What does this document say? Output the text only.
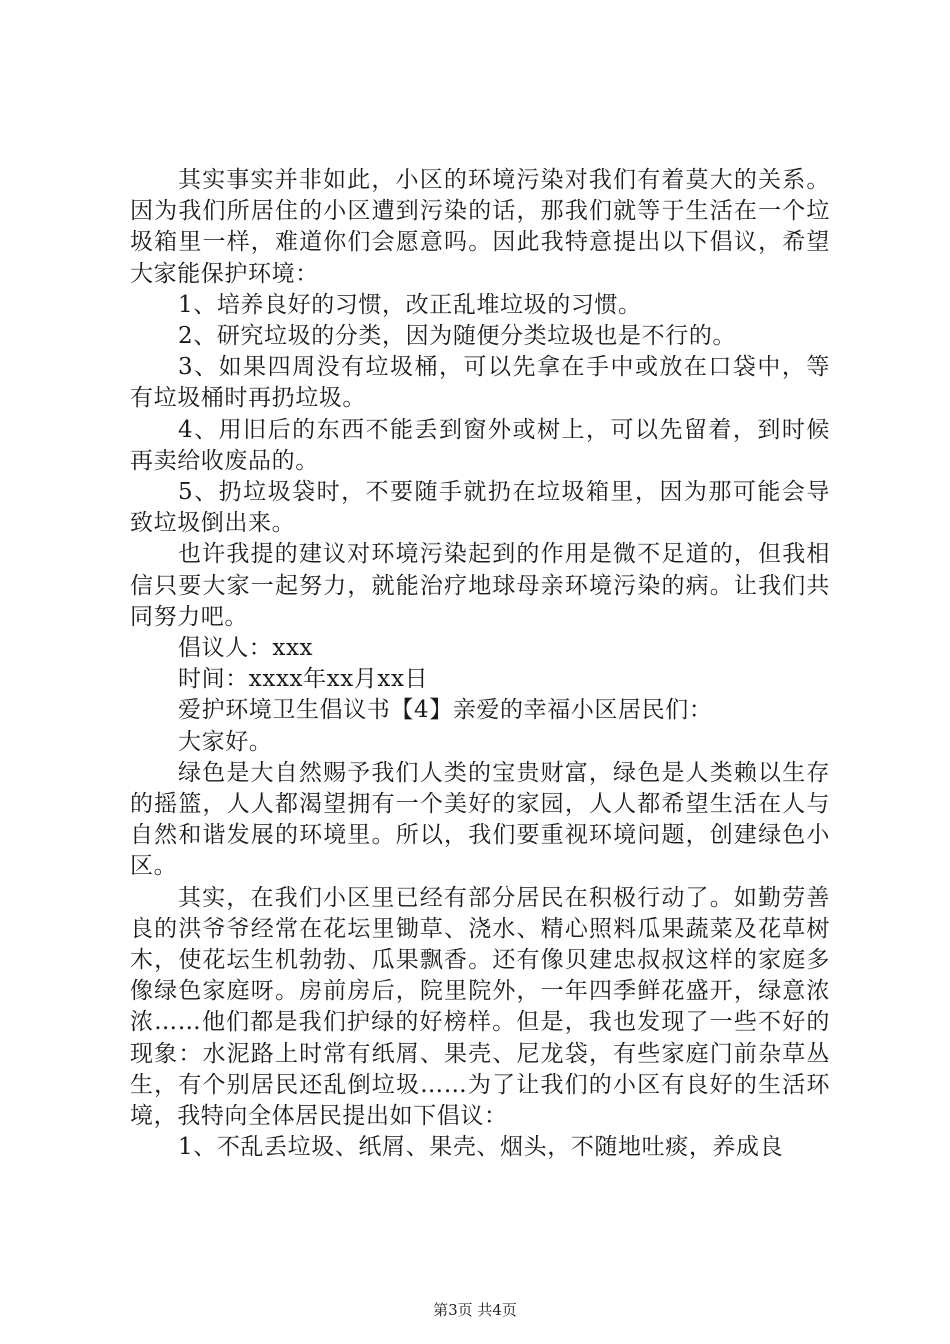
其实事实并非如此，小区的环境污染对我们有着莫大的关系。因为我们所居住的小区遭到污染的话，那我们就等于生活在一个垃圾箱里一样，难道你们会愿意吗。因此我特意提出以下倡议，希望大家能保护环境：

1、培养良好的习惯，改正乱堆垃圾的习惯。

2、研究垃圾的分类，因为随便分类垃圾也是不行的。

3、如果四周没有垃圾桶，可以先拿在手中或放在口袋中，等有垃圾桶时再扔垃圾。

4、用旧后的东西不能丢到窗外或树上，可以先留着，到时候再卖给收废品的。

5、扔垃圾袋时，不要随手就扔在垃圾箱里，因为那可能会导致垃圾倒出来。

也许我提的建议对环境污染起到的作用是微不足道的，但我相信只要大家一起努力，就能治疗地球母亲环境污染的病。让我们共同努力吧。

倡议人：xxx

时间：xxxx年xx月xx日

爱护环境卫生倡议书【4】亲爱的幸福小区居民们：

大家好。

绿色是大自然赐予我们人类的宝贵财富，绿色是人类赖以生存的摇篮，人人都渴望拥有一个美好的家园，人人都希望生活在人与自然和谐发展的环境里。所以，我们要重视环境问题，创建绿色小区。

其实，在我们小区里已经有部分居民在积极行动了。如勤劳善良的洪爷爷经常在花坛里锄草、浇水、精心照料瓜果蔬菜及花草树木，使花坛生机勃勃、瓜果飘香。还有像贝建忠叔叔这样的家庭多像绿色家庭呀。房前房后，院里院外，一年四季鲜花盛开，绿意浓浓……他们都是我们护绿的好榜样。但是，我也发现了一些不好的现象：水泥路上时常有纸屑、果壳、尼龙袋，有些家庭门前杂草丛生，有个别居民还乱倒垃圾……为了让我们的小区有良好的生活环境，我特向全体居民提出如下倡议：

1、不乱丢垃圾、纸屑、果壳、烟头，不随地吐痰，养成良

第3页 共4页
